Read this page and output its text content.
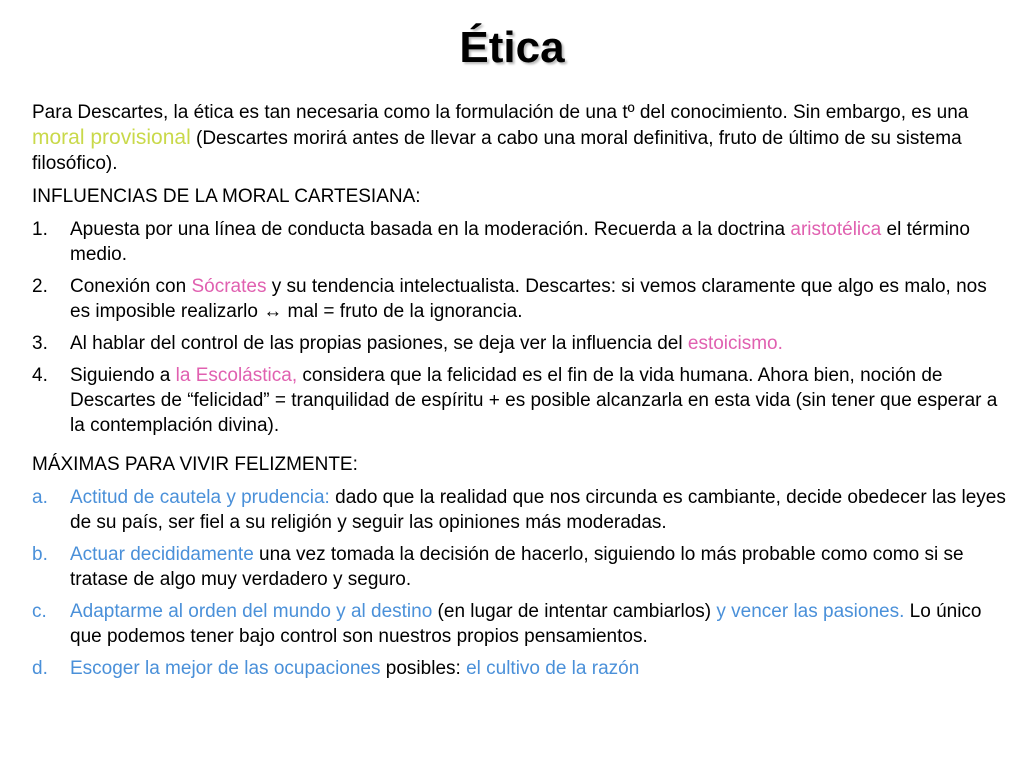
Ética

Para Descartes, la ética es tan necesaria como la formulación de una tº del conocimiento. Sin embargo, es una moral provisional (Descartes morirá antes de llevar a cabo una moral definitiva, fruto de último de su sistema filosófico).

INFLUENCIAS DE LA MORAL CARTESIANA:

1. Apuesta por una línea de conducta basada en la moderación. Recuerda a la doctrina aristotélica el término medio.
2. Conexión con Sócrates y su tendencia intelectualista. Descartes: si vemos claramente que algo es malo, nos es imposible realizarlo ↔ mal = fruto de la ignorancia.
3. Al hablar del control de las propias pasiones, se deja ver la influencia del estoicismo.
4. Siguiendo a la Escolástica, considera que la felicidad es el fin de la vida humana. Ahora bien, noción de Descartes de “felicidad” = tranquilidad de espíritu + es posible alcanzarla en esta vida (sin tener que esperar a la contemplación divina).

MÁXIMAS PARA VIVIR FELIZMENTE:

a. Actitud de cautela y prudencia: dado que la realidad que nos circunda es cambiante, decide obedecer las leyes de su país, ser fiel a su religión y seguir las opiniones más moderadas.
b. Actuar decididamente una vez tomada la decisión de hacerlo, siguiendo lo más probable como como si se tratase de algo muy verdadero y seguro.
c. Adaptarme al orden del mundo y al destino (en lugar de intentar cambiarlos) y vencer las pasiones. Lo único que podemos tener bajo control son nuestros propios pensamientos.
d. Escoger la mejor de las ocupaciones posibles: el cultivo de la razón
